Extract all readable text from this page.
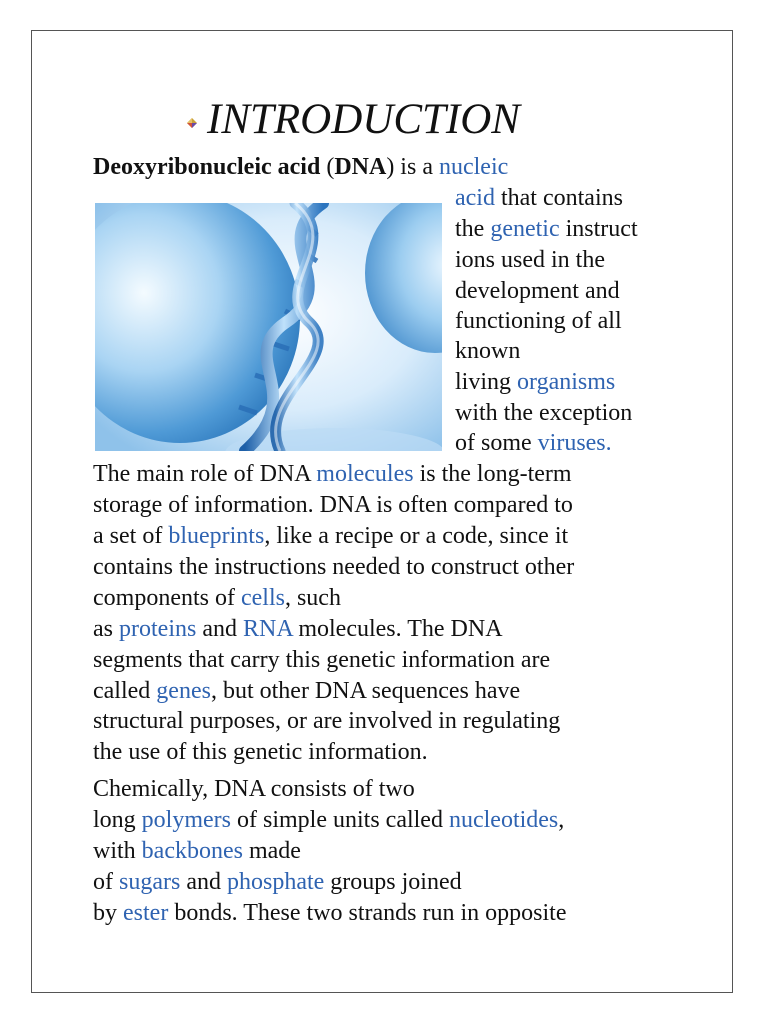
INTRODUCTION
Deoxyribonucleic acid (DNA) is a nucleic
acid that contains
the genetic instruct
ions used in the
development and
functioning of all
known
living organisms
with the exception
of some viruses.
The main role of DNA molecules is the long-term
storage of information. DNA is often compared to
a set of blueprints, like a recipe or a code, since it
contains the instructions needed to construct other
components of cells, such
as proteins and RNA molecules. The DNA
segments that carry this genetic information are
called genes, but other DNA sequences have
structural purposes, or are involved in regulating
the use of this genetic information.
Chemically, DNA consists of two
long polymers of simple units called nucleotides,
with backbones made
of sugars and phosphate groups joined
by ester bonds. These two strands run in opposite
